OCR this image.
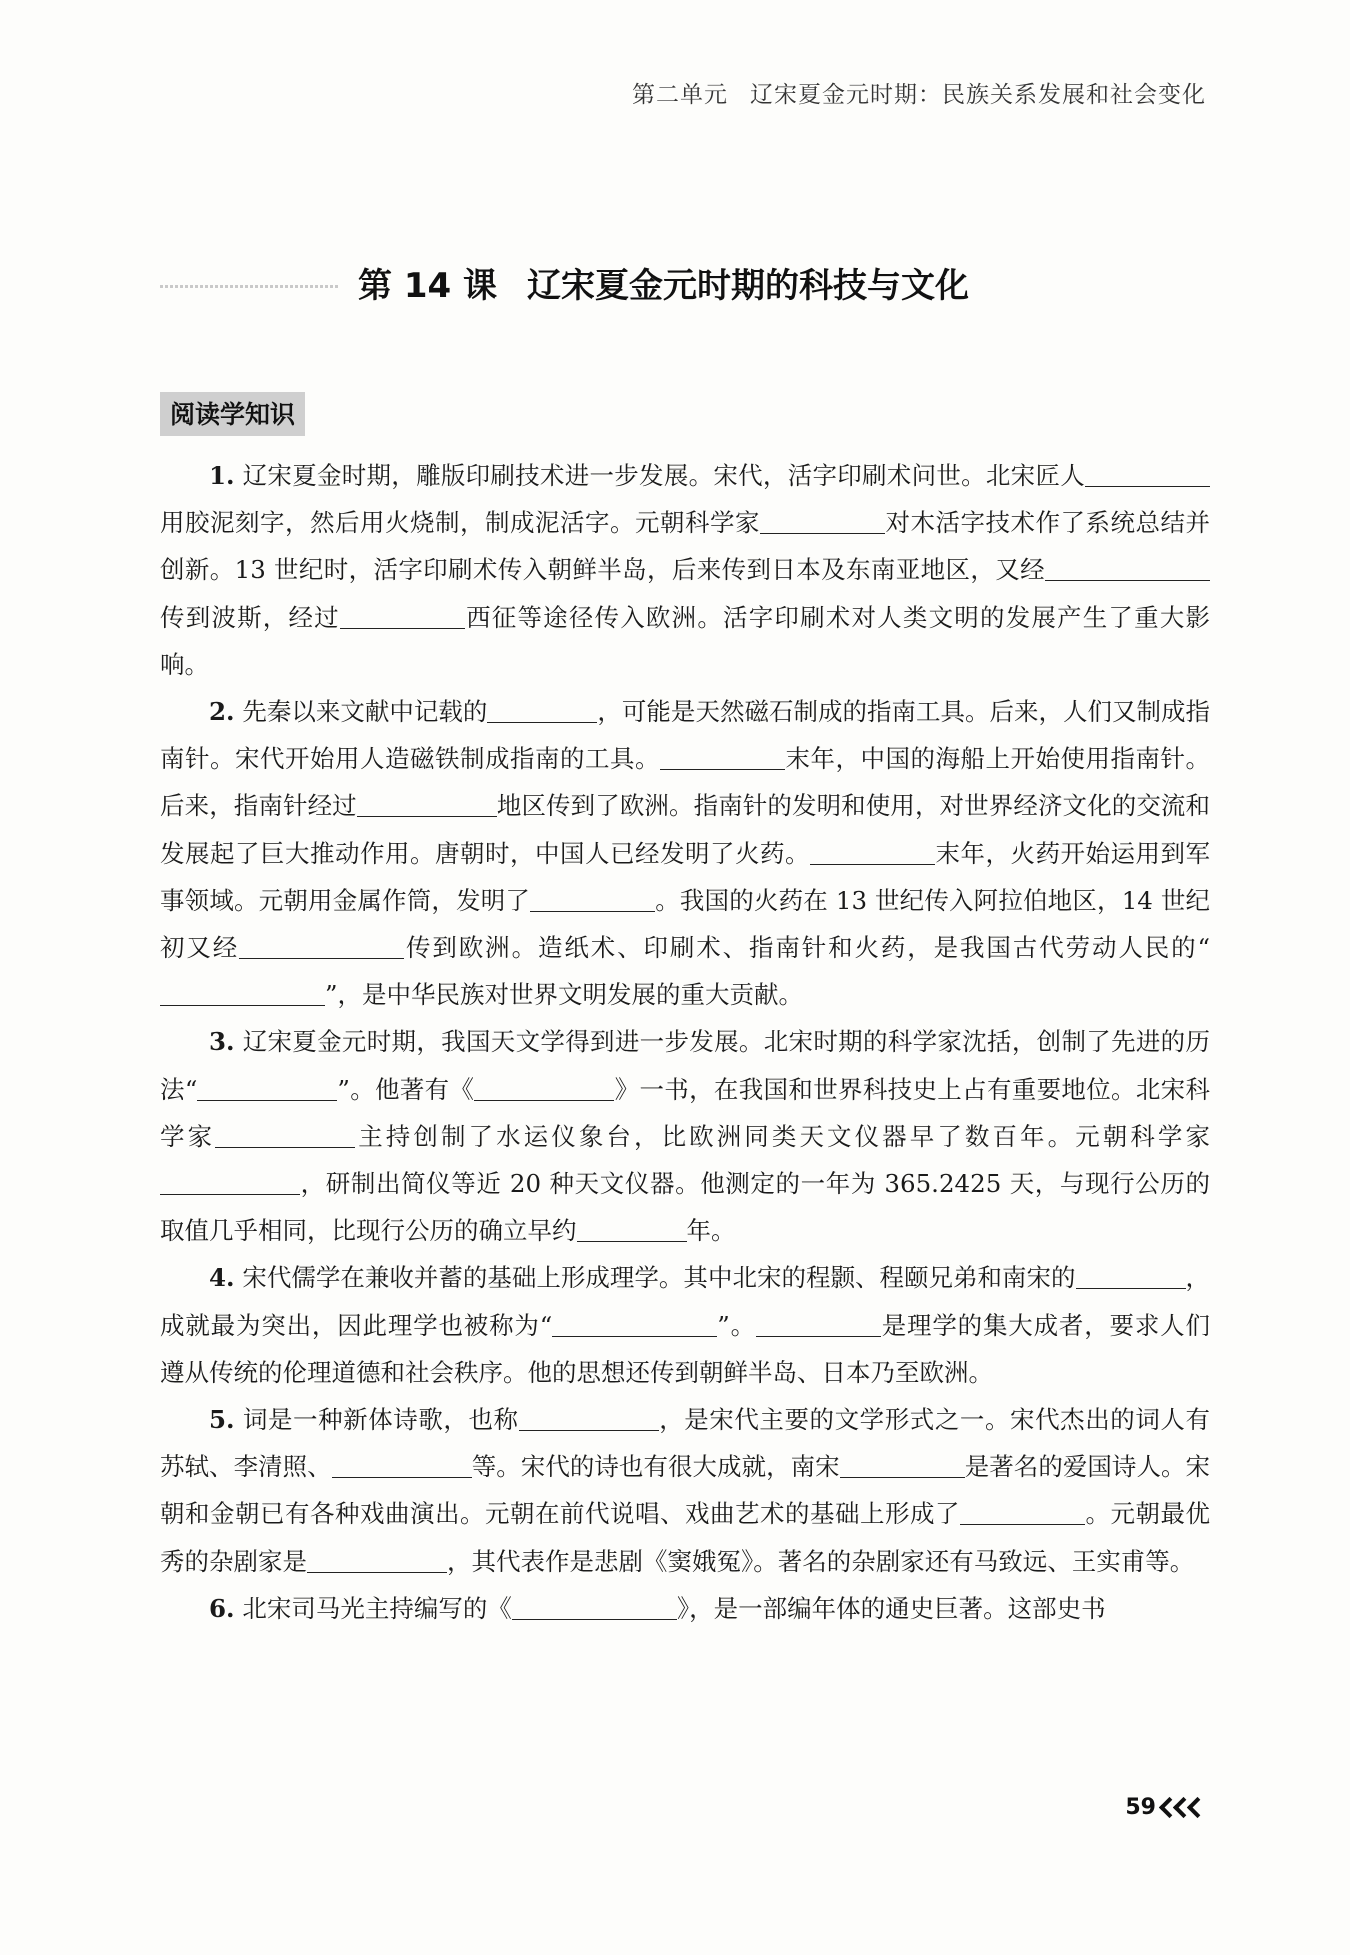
第二单元 辽宋夏金元时期：民族关系发展和社会变化
第 14 课 辽宋夏金元时期的科技与文化
阅读学知识

1. 辽宋夏金时期，雕版印刷技术进一步发展。宋代，活字印刷术问世。北宋匠人用胶泥刻字，然后用火烧制，制成泥活字。元朝科学家	对木活字技术作了系统总结并创新。13 世纪时，活字印刷术传入朝鲜半岛，后来传到日本及东南亚地区，又经传到波斯，经过	西征等途径传入欧洲。活字印刷术对人类文明的发展产生了重大影响。

2. 先秦以来文献中记载的	，可能是天然磁石制成的指南工具。后来，人们又制成指南针。宋代开始用人造磁铁制成指南的工具。	末年，中国的海船上开始使用指南针。后来，指南针经过	地区传到了欧洲。指南针的发明和使用，对世界经济文化的交流和发展起了巨大推动作用。唐朝时，中国人已经发明了火药。	末年，火药开始运用到军事领域。元朝用金属作筒，发明了	。我国的火药在 13 世纪传入阿拉伯地区，14 世纪初又经	传到欧洲。造纸术、印刷术、指南针和火药，是我国古代劳动人民的“”，是中华民族对世界文明发展的重大贡献。

3. 辽宋夏金元时期，我国天文学得到进一步发展。北宋时期的科学家沈括，创制了先进的历法“	”。他著有《	》一书，在我国和世界科技史上占有重要地位。北宋科学家	主持创制了水运仪象台，比欧洲同类天文仪器早了数百年。元朝科学家，研制出简仪等近 20 种天文仪器。他测定的一年为 365.2425 天，与现行公历的取值几乎相同，比现行公历的确立早约	年。

4. 宋代儒学在兼收并蓄的基础上形成理学。其中北宋的程颢、程颐兄弟和南宋的	，成就最为突出，因此理学也被称为“	”。	是理学的集大成者，要求人们遵从传统的伦理道德和社会秩序。他的思想还传到朝鲜半岛、日本乃至欧洲。

5. 词是一种新体诗歌，也称	，是宋代主要的文学形式之一。宋代杰出的词人有苏轼、李清照、	等。宋代的诗也有很大成就，南宋	是著名的爱国诗人。宋朝和金朝已有各种戏曲演出。元朝在前代说唱、戏曲艺术的基础上形成了	。元朝最优秀的杂剧家是	，其代表作是悲剧《窦娥冤》。著名的杂剧家还有马致远、王实甫等。

6. 北宋司马光主持编写的《	》，是一部编年体的通史巨著。这部史书

59
